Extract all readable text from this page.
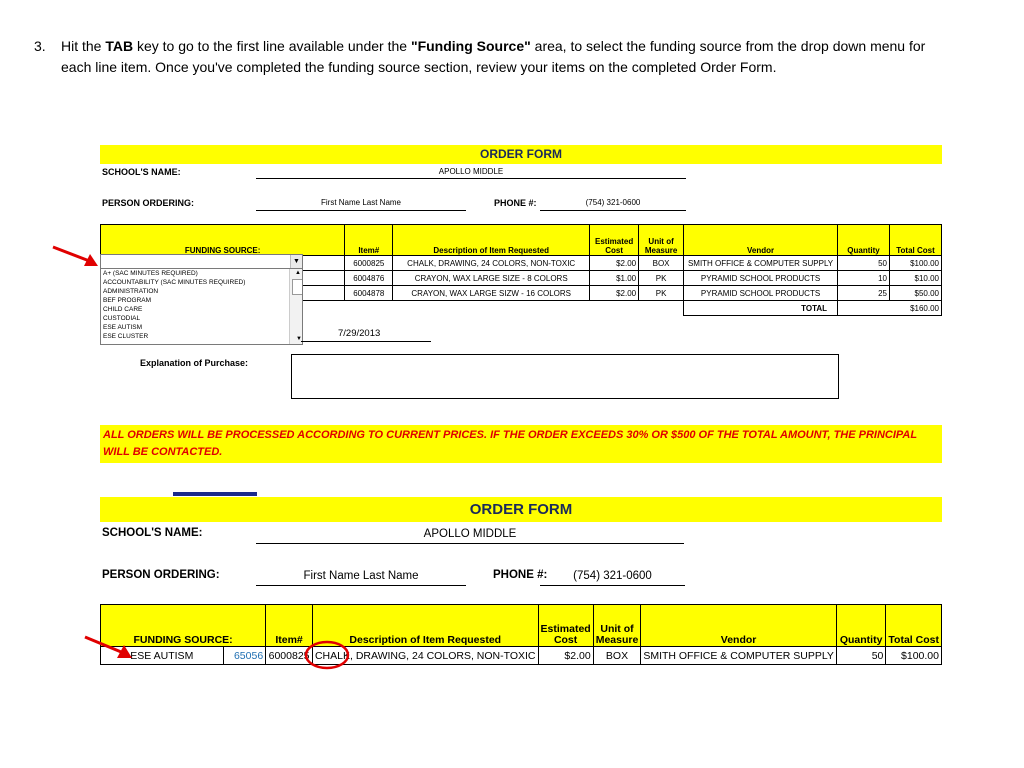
3. Hit the TAB key to go to the first line available under the "Funding Source" area, to select the funding source from the drop down menu for each line item. Once you've completed the funding source section, review your items on the completed Order Form.
ORDER FORM
SCHOOL'S NAME:	APOLLO MIDDLE
PERSON ORDERING:	First Name Last Name	PHONE #:	(754) 321-0600
FUNDING SOURCE:	Item#	Description of Item Requested	Estimated
Cost	Unit of
Measure	Vendor	Quantity	Total Cost
	6000825	CHALK, DRAWING, 24 COLORS, NON-TOXIC	$2.00	BOX	SMITH OFFICE & COMPUTER SUPPLY	50	$100.00
	6004876	CRAYON, WAX LARGE SIZE - 8 COLORS	$1.00	PK	PYRAMID SCHOOL PRODUCTS	10	$10.00
	6004878	CRAYON, WAX LARGE SIZW - 16 COLORS	$2.00	PK	PYRAMID SCHOOL PRODUCTS	25	$50.00
					TOTAL	$160.00	
▼
A+ (SAC MINUTES REQUIRED)
ACCOUNTABILITY (SAC MINUTES REQUIRED)
ADMINISTRATION
BEF PROGRAM
CHILD CARE
CUSTODIAL
ESE AUTISM
ESE CLUSTER
▲
▼	7/29/2013
Explanation of Purchase:
ALL ORDERS WILL BE PROCESSED ACCORDING TO CURRENT PRICES. IF THE ORDER EXCEEDS 30% OR $500 OF THE TOTAL AMOUNT, THE PRINCIPAL WILL BE CONTACTED.
ORDER FORM
SCHOOL'S NAME:	APOLLO MIDDLE
PERSON ORDERING:	First Name Last Name	PHONE #:	(754) 321-0600
FUNDING SOURCE:		Item#	Description of Item Requested	Estimated
Cost	Unit of
Measure	Vendor	Quantity	Total Cost
ESE AUTISM	65056	6000825	CHALK, DRAWING, 24 COLORS, NON-TOXIC	$2.00	BOX	SMITH OFFICE & COMPUTER SUPPLY	50	$100.00
